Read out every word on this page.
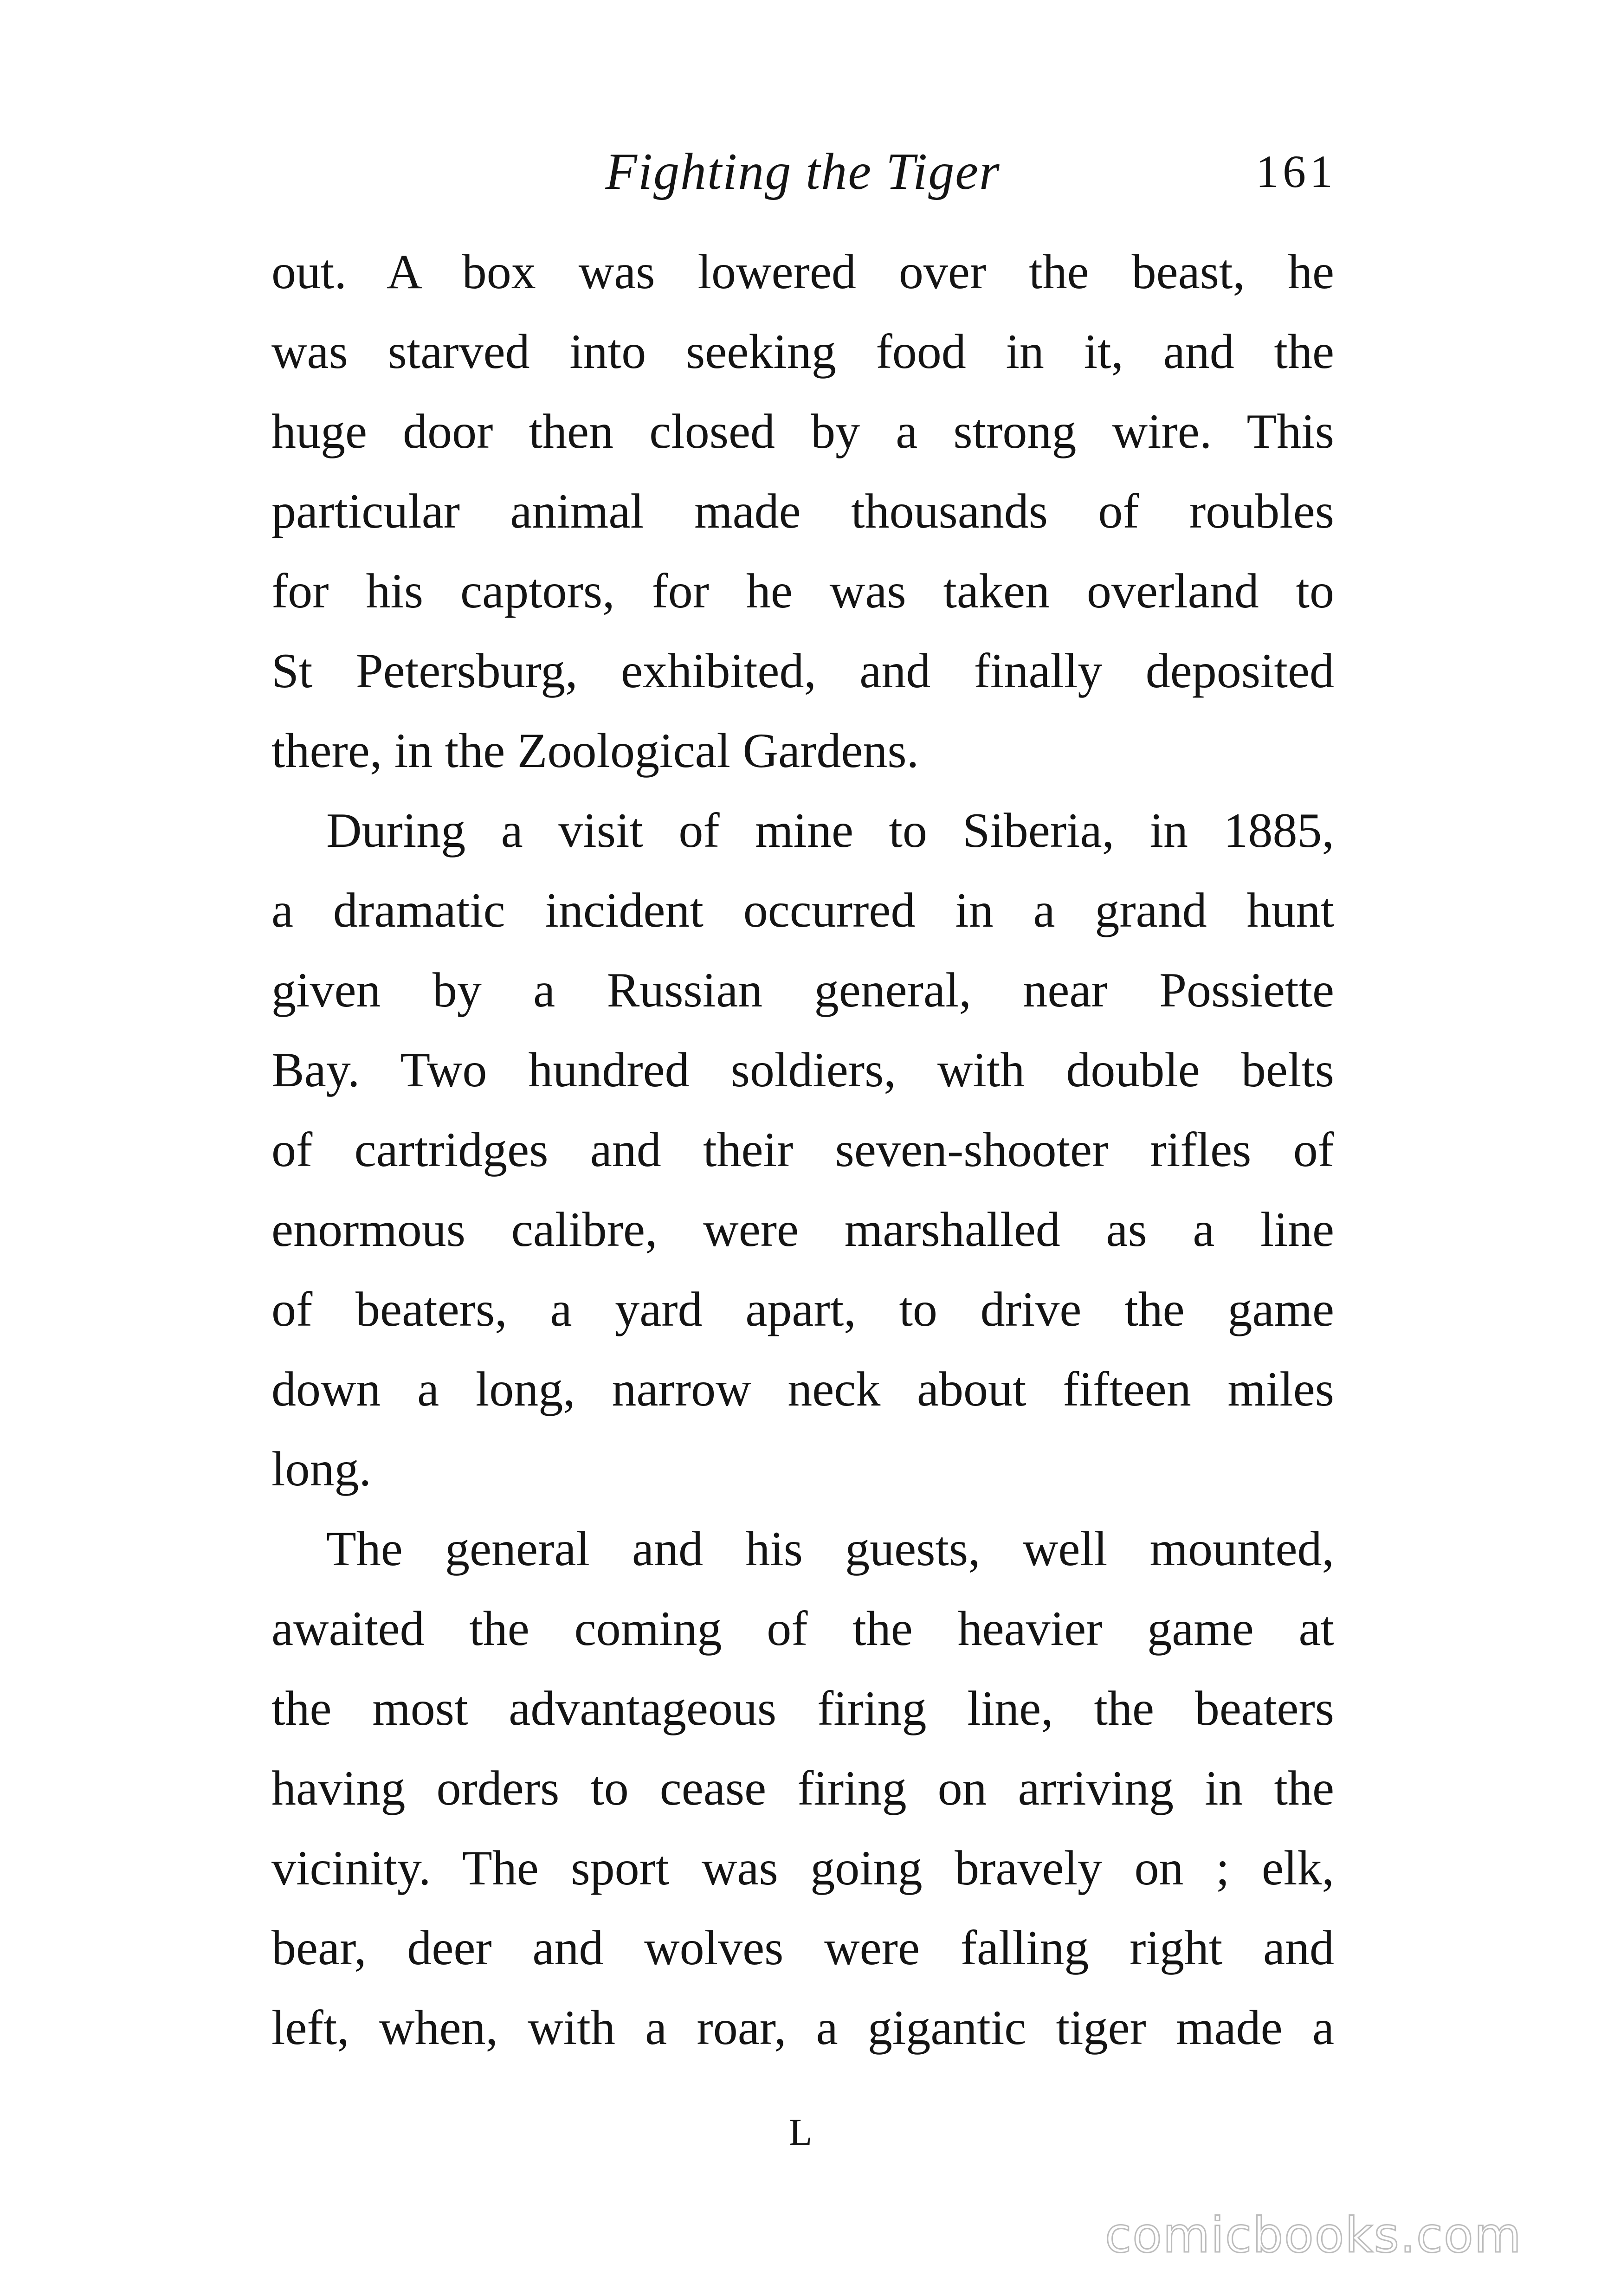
Fighting the Tiger	161

out. A box was lowered over the beast, he
was starved into seeking food in it, and the
huge door then closed by a strong wire. This
particular animal made thousands of roubles
for his captors, for he was taken overland to
St Petersburg, exhibited, and finally deposited
there, in the Zoological Gardens.

During a visit of mine to Siberia, in 1885,
a dramatic incident occurred in a grand hunt
given by a Russian general, near Possiette
Bay. Two hundred soldiers, with double belts
of cartridges and their seven-shooter rifles of
enormous calibre, were marshalled as a line
of beaters, a yard apart, to drive the game
down a long, narrow neck about fifteen miles
long.

The general and his guests, well mounted,
awaited the coming of the heavier game at
the most advantageous firing line, the beaters
having orders to cease firing on arriving in the
vicinity. The sport was going bravely on ; elk,
bear, deer and wolves were falling right and
left, when, with a roar, a gigantic tiger made a

L
comicbooks.com
